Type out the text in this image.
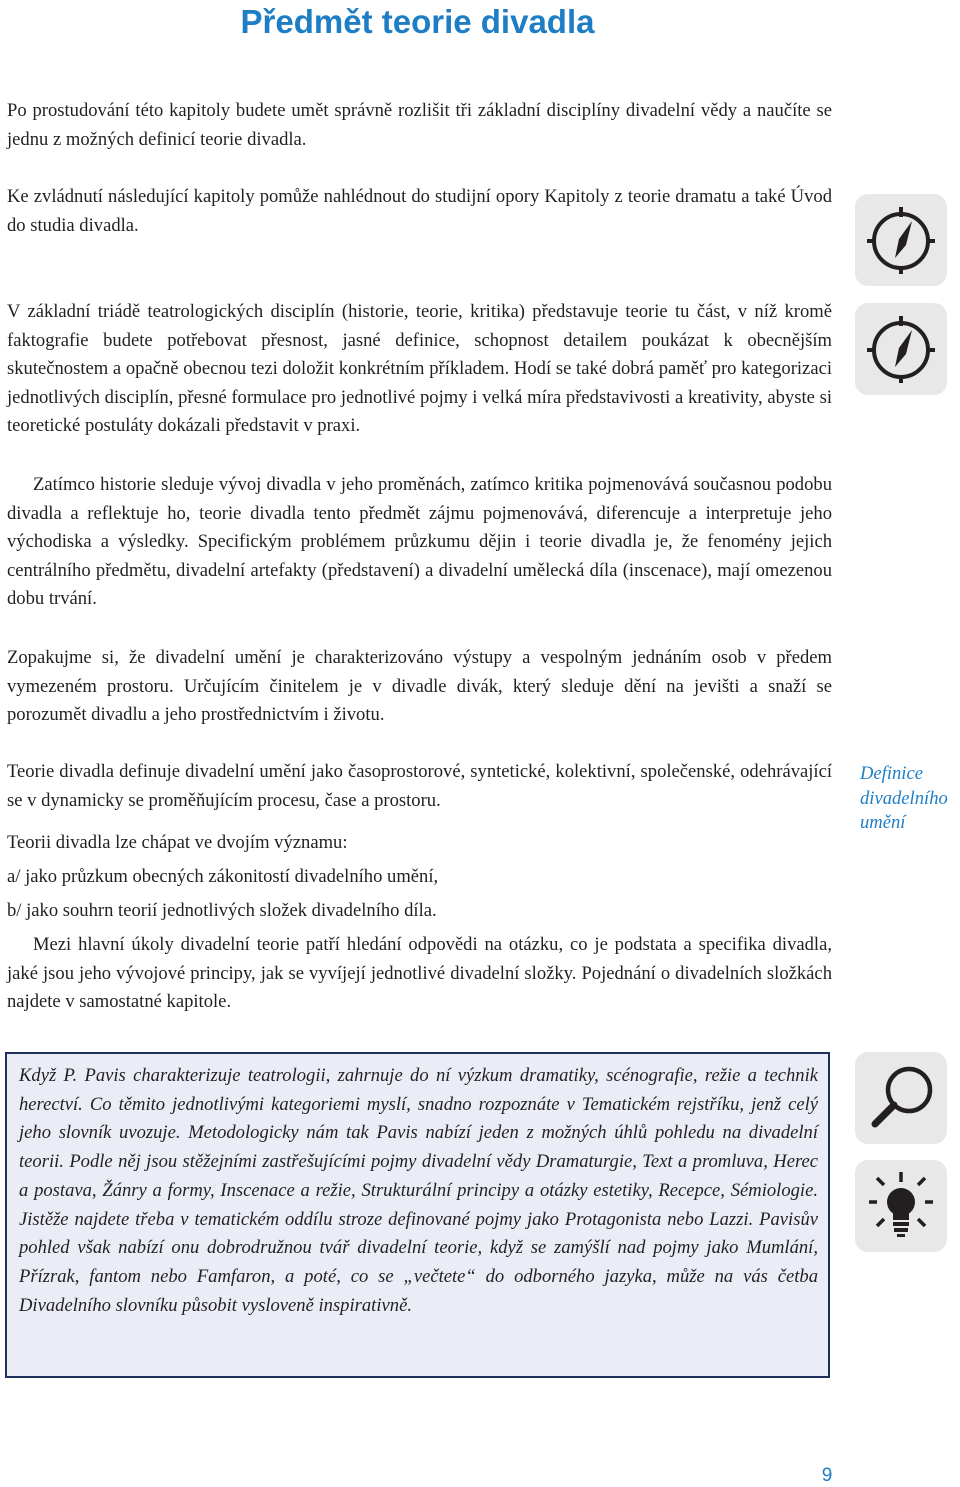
Předmět teorie divadla

Po prostudování této kapitoly budete umět správně rozlišit tři základní disciplíny divadelní vědy a naučíte se jednu z možných definicí teorie divadla.

Ke zvládnutí následující kapitoly pomůže nahlédnout do studijní opory Kapitoly z teorie dramatu a také Úvod do studia divadla.

V základní triádě teatrologických disciplín (historie, teorie, kritika) představuje teorie tu část, v níž kromě faktografie budete potřebovat přesnost, jasné definice, schopnost detailem poukázat k obecnějším skutečnostem a opačně obecnou tezi doložit konkrétním příkladem. Hodí se také dobrá paměť pro kategorizaci jednotlivých disciplín, přesné formulace pro jednotlivé pojmy i velká míra představivosti a kreativity, abyste si teoretické postuláty dokázali představit v praxi.

Zatímco historie sleduje vývoj divadla v jeho proměnách, zatímco kritika pojmenovává současnou podobu divadla a reflektuje ho, teorie divadla tento předmět zájmu pojmenovává, diferencuje a interpretuje jeho východiska a výsledky. Specifickým problémem průzkumu dějin i teorie divadla je, že fenomény jejich centrálního předmětu, divadelní artefakty (představení) a divadelní umělecká díla (inscenace), mají omezenou dobu trvání.

Zopakujme si, že divadelní umění je charakterizováno výstupy a vespolným jednáním osob v předem vymezeném prostoru. Určujícím činitelem je v divadle divák, který sleduje dění na jevišti a snaží se porozumět divadlu a jeho prostřednictvím i životu.

Teorie divadla definuje divadelní umění jako časoprostorové, syntetické, kolektivní, společenské, odehrávající se v dynamicky se proměňujícím procesu, čase a prostoru.

Teorii divadla lze chápat ve dvojím významu:

a/ jako průzkum obecných zákonitostí divadelního umění,

b/ jako souhrn teorií jednotlivých složek divadelního díla.

Mezi hlavní úkoly divadelní teorie patří hledání odpovědi na otázku, co je podstata a specifika divadla, jaké jsou jeho vývojové principy, jak se vyvíjejí jednotlivé divadelní složky. Pojednání o divadelních složkách najdete v samostatné kapitole.

Definice divadelního umění

Když P. Pavis charakterizuje teatrologii, zahrnuje do ní výzkum dramatiky, scénografie, režie a technik herectví. Co těmito jednotlivými kategoriemi myslí, snadno rozpoznáte v Tematickém rejstříku, jenž celý jeho slovník uvozuje. Metodologicky nám tak Pavis nabízí jeden z možných úhlů pohledu na divadelní teorii. Podle něj jsou stěžejními zastřešujícími pojmy divadelní vědy Dramaturgie, Text a promluva, Herec a postava, Žánry a formy, Inscenace a režie, Strukturální principy a otázky estetiky, Recepce, Sémiologie. Jistěže najdete třeba v tematickém oddílu stroze definované pojmy jako Protagonista nebo Lazzi. Pavisův pohled však nabízí onu dobrodružnou tvář divadelní teorie, když se zamýšlí nad pojmy jako Mumlání, Přízrak, fantom nebo Famfaron, a poté, co se „večtete“ do odborného jazyka, může na vás četba Divadelního slovníku působit vysloveně inspirativně.

9
